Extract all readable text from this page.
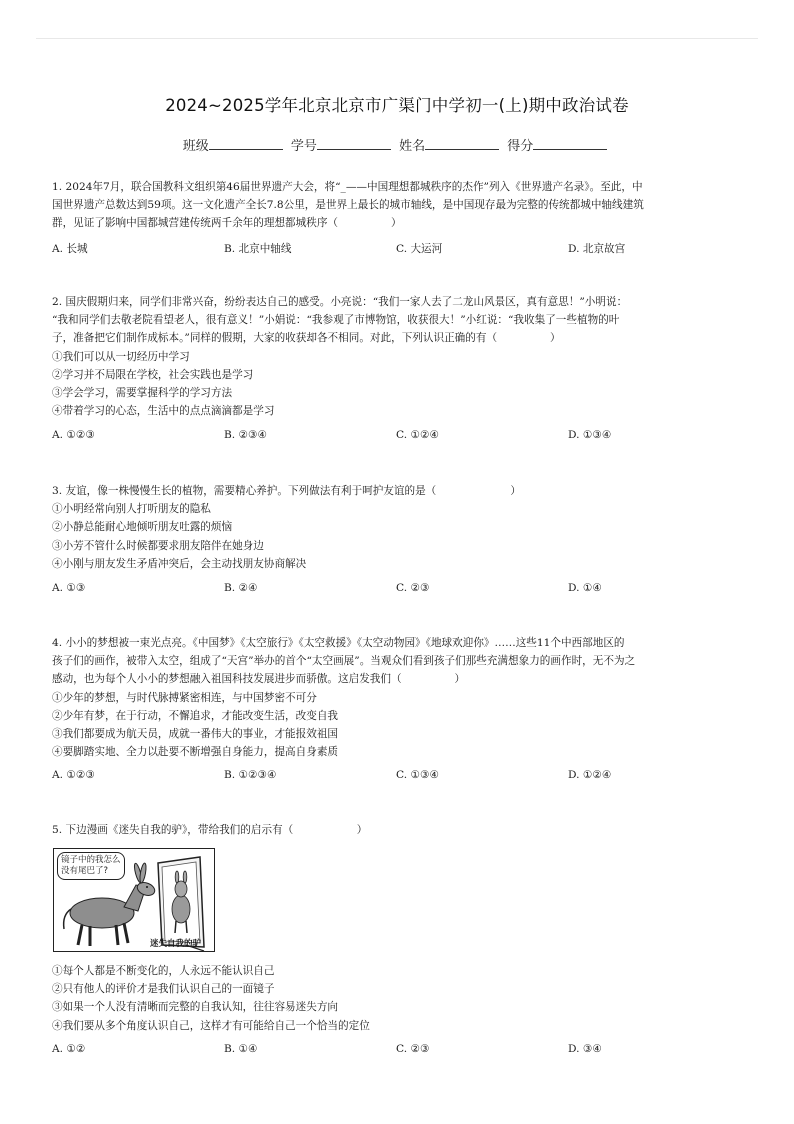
2024~2025学年北京北京市广渠门中学初一(上)期中政治试卷
班级	学号	姓名	得分

1. 2024年7月，联合国教科文组织第46届世界遗产大会，将“_——中国理想都城秩序的杰作”列入《世界遗产名录》。至此，中

国世界遗产总数达到59项。这一文化遗产全长7.8公里，是世界上最长的城市轴线，是中国现存最为完整的传统都城中轴线建筑

群，见证了影响中国都城营建传统两千余年的理想都城秩序（　　　　　）

A. 长城	B. 北京中轴线	C. 大运河	D. 北京故宫

2. 国庆假期归来，同学们非常兴奋，纷纷表达自己的感受。小亮说：“我们一家人去了二龙山风景区，真有意思！”小明说：

“我和同学们去敬老院看望老人，很有意义！”小娟说：“我参观了市博物馆，收获很大！”小红说：“我收集了一些植物的叶

子，准备把它们制作成标本。”同样的假期，大家的收获却各不相同。对此，下列认识正确的有（　　　　　）

①我们可以从一切经历中学习

②学习并不局限在学校，社会实践也是学习

③学会学习，需要掌握科学的学习方法

④带着学习的心态，生活中的点点滴滴都是学习

A. ①②③	B. ②③④	C. ①②④	D. ①③④

3. 友谊，像一株慢慢生长的植物，需要精心养护。下列做法有利于呵护友谊的是（　　　　　　　）

①小明经常向别人打听朋友的隐私

②小静总能耐心地倾听朋友吐露的烦恼

③小芳不管什么时候都要求朋友陪伴在她身边

④小刚与朋友发生矛盾冲突后，会主动找朋友协商解决

A. ①③	B. ②④	C. ②③	D. ①④

4. 小小的梦想被一束光点亮。《中国梦》《太空旅行》《太空救援》《太空动物园》《地球欢迎你》……这些11个中西部地区的

孩子们的画作，被带入太空，组成了“天宫”举办的首个“太空画展”。当观众们看到孩子们那些充满想象力的画作时，无不为之

感动，也为每个人小小的梦想融入祖国科技发展进步而骄傲。这启发我们（　　　　　）

①少年的梦想，与时代脉搏紧密相连，与中国梦密不可分

②少年有梦，在于行动，不懈追求，才能改变生活，改变自我

③我们都要成为航天员，成就一番伟大的事业，才能报效祖国

④要脚踏实地、全力以赴要不断增强自身能力，提高自身素质

A. ①②③	B. ①②③④	C. ①③④	D. ①②④

5. 下边漫画《迷失自我的驴》，带给我们的启示有（　　　　　　）

镜子中的我怎么没有尾巴了?
迷失自我的驴

①每个人都是不断变化的，人永远不能认识自己

②只有他人的评价才是我们认识自己的一面镜子

③如果一个人没有清晰而完整的自我认知，往往容易迷失方向

④我们要从多个角度认识自己，这样才有可能给自己一个恰当的定位

A. ①②	B. ①④	C. ②③	D. ③④
